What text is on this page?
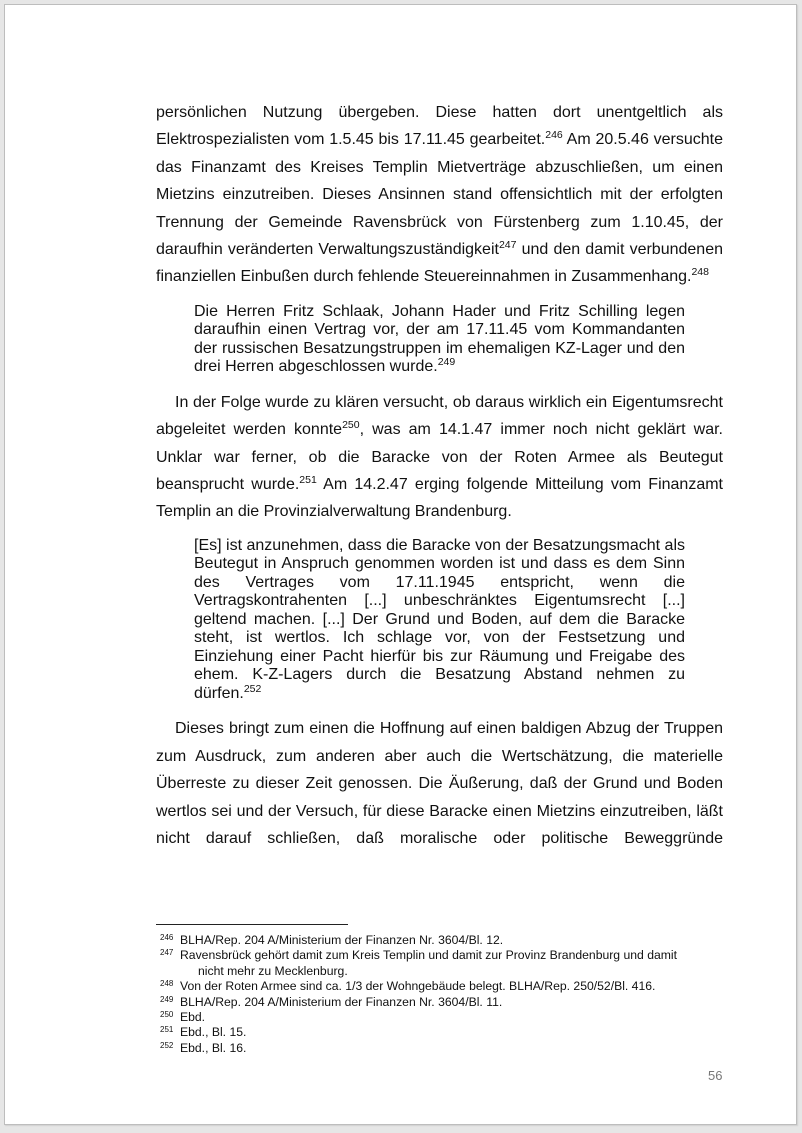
persönlichen Nutzung übergeben. Diese hatten dort unentgeltlich als Elektrospezialisten vom 1.5.45 bis 17.11.45 gearbeitet.$^{246}$ Am 20.5.46 versuchte das Finanzamt des Kreises Templin Mietverträge abzuschließen, um einen Mietzins einzutreiben. Dieses Ansinnen stand offensichtlich mit der erfolgten Trennung der Gemeinde Ravensbrück von Fürstenberg zum 1.10.45, der daraufhin veränderten Verwaltungszuständigkeit$^{247}$ und den damit verbundenen finanziellen Einbußen durch fehlende Steuereinnahmen in Zusammenhang.$^{248}$

Die Herren Fritz Schlaak, Johann Hader und Fritz Schilling legen daraufhin einen Vertrag vor, der am 17.11.45 vom Kommandanten der russischen Besatzungstruppen im ehemaligen KZ-Lager und den drei Herren abgeschlossen wurde.$^{249}$

In der Folge wurde zu klären versucht, ob daraus wirklich ein Eigentumsrecht abgeleitet werden konnte$^{250}$, was am 14.1.47 immer noch nicht geklärt war. Unklar war ferner, ob die Baracke von der Roten Armee als Beutegut beansprucht wurde.$^{251}$ Am 14.2.47 erging folgende Mitteilung vom Finanzamt Templin an die Provinzialverwaltung Brandenburg.

[Es] ist anzunehmen, dass die Baracke von der Besatzungsmacht als Beutegut in Anspruch genommen worden ist und dass es dem Sinn des Vertrages vom 17.11.1945 entspricht, wenn die Vertragskontrahenten [...] unbeschränktes Eigentumsrecht [...] geltend machen. [...] Der Grund und Boden, auf dem die Baracke steht, ist wertlos. Ich schlage vor, von der Festsetzung und Einziehung einer Pacht hierfür bis zur Räumung und Freigabe des ehem. K-Z-Lagers durch die Besatzung Abstand nehmen zu dürfen.$^{252}$

Dieses bringt zum einen die Hoffnung auf einen baldigen Abzug der Truppen zum Ausdruck, zum anderen aber auch die Wertschätzung, die materielle Überreste zu dieser Zeit genossen. Die Äußerung, daß der Grund und Boden wertlos sei und der Versuch, für diese Baracke einen Mietzins einzutreiben, läßt nicht darauf schließen, daß moralische oder politische Beweggründe

246 BLHA/Rep. 204 A/Ministerium der Finanzen Nr. 3604/Bl. 12.
247 Ravensbrück gehört damit zum Kreis Templin und damit zur Provinz Brandenburg und damit
nicht mehr zu Mecklenburg.
248 Von der Roten Armee sind ca. 1/3 der Wohngebäude belegt. BLHA/Rep. 250/52/Bl. 416.
249 BLHA/Rep. 204 A/Ministerium der Finanzen Nr. 3604/Bl. 11.
250 Ebd.
251 Ebd., Bl. 15.
252 Ebd., Bl. 16.
56
